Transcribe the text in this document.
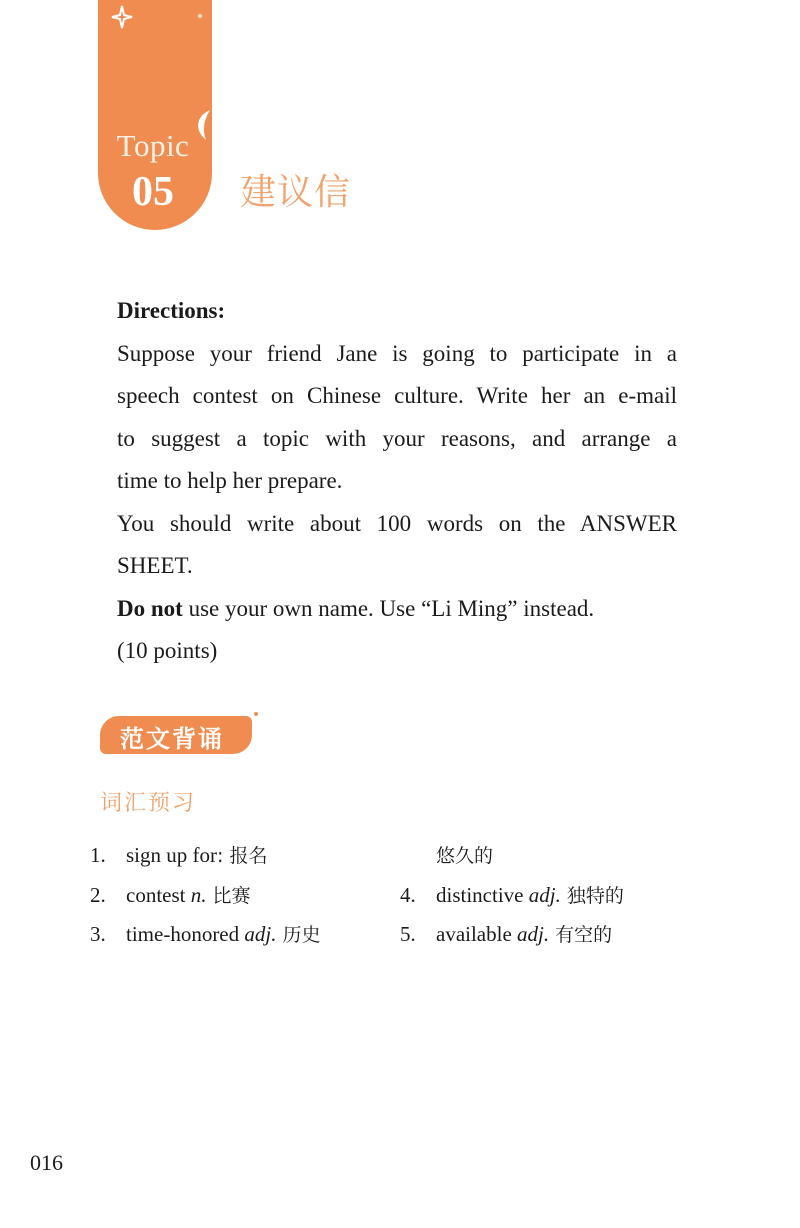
Topic
05	建议信

Directions:

Suppose your friend Jane is going to participate in a

speech contest on Chinese culture. Write her an e-mail

to suggest a topic with your reasons, and arrange a

time to help her prepare.

You should write about 100 words on the ANSWER

SHEET.

Do not use your own name. Use “Li Ming” instead.

(10 points)

范文背诵
词汇预习
1. sign up for: 报名
2. contest n. 比赛
3. time-honored adj. 历史
悠久的
4. distinctive adj. 独特的
5. available adj. 有空的
016
